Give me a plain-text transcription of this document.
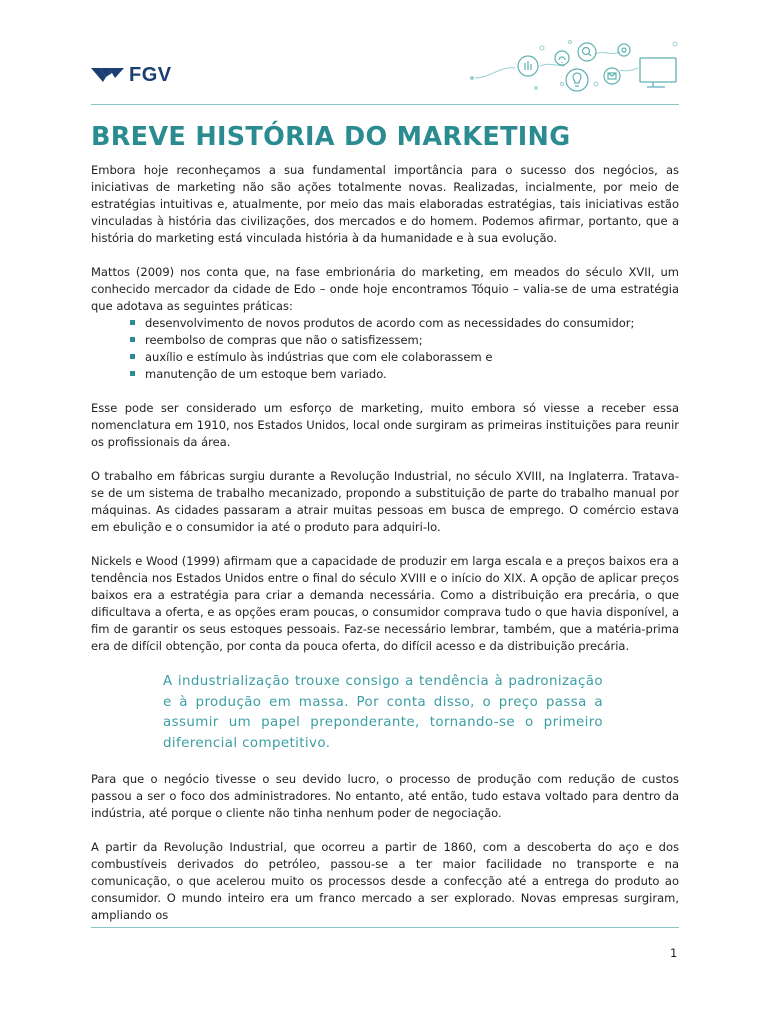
FGV
BREVE HISTÓRIA DO MARKETING

Embora hoje reconheçamos a sua fundamental importância para o sucesso dos negócios, as iniciativas de marketing não são ações totalmente novas. Realizadas, incialmente, por meio de estratégias intuitivas e, atualmente, por meio das mais elaboradas estratégias, tais iniciativas estão vinculadas à história das civilizações, dos mercados e do homem. Podemos afirmar, portanto, que a história do marketing está vinculada história à da humanidade e à sua evolução.

Mattos (2009) nos conta que, na fase embrionária do marketing, em meados do século XVII, um conhecido mercador da cidade de Edo – onde hoje encontramos Tóquio – valia-se de uma estratégia que adotava as seguintes práticas:

desenvolvimento de novos produtos de acordo com as necessidades do consumidor;
reembolso de compras que não o satisfizessem;
auxílio e estímulo às indústrias que com ele colaborassem e
manutenção de um estoque bem variado.

Esse pode ser considerado um esforço de marketing, muito embora só viesse a receber essa nomenclatura em 1910, nos Estados Unidos, local onde surgiram as primeiras instituições para reunir os profissionais da área.

O trabalho em fábricas surgiu durante a Revolução Industrial, no século XVIII, na Inglaterra. Tratava-se de um sistema de trabalho mecanizado, propondo a substituição de parte do trabalho manual por máquinas. As cidades passaram a atrair muitas pessoas em busca de emprego. O comércio estava em ebulição e o consumidor ia até o produto para adquiri-lo.

Nickels e Wood (1999) afirmam que a capacidade de produzir em larga escala e a preços baixos era a tendência nos Estados Unidos entre o final do século XVIII e o início do XIX. A opção de aplicar preços baixos era a estratégia para criar a demanda necessária. Como a distribuição era precária, o que dificultava a oferta, e as opções eram poucas, o consumidor comprava tudo o que havia disponível, a fim de garantir os seus estoques pessoais. Faz-se necessário lembrar, também, que a matéria-prima era de difícil obtenção, por conta da pouca oferta, do difícil acesso e da distribuição precária.

A industrialização trouxe consigo a tendência à padronização e à produção em massa. Por conta disso, o preço passa a assumir um papel preponderante, tornando-se o primeiro diferencial competitivo.

Para que o negócio tivesse o seu devido lucro, o processo de produção com redução de custos passou a ser o foco dos administradores. No entanto, até então, tudo estava voltado para dentro da indústria, até porque o cliente não tinha nenhum poder de negociação.

A partir da Revolução Industrial, que ocorreu a partir de 1860, com a descoberta do aço e dos combustíveis derivados do petróleo, passou-se a ter maior facilidade no transporte e na comunicação, o que acelerou muito os processos desde a confecção até a entrega do produto ao consumidor. O mundo inteiro era um franco mercado a ser explorado. Novas empresas surgiram, ampliando os

1
